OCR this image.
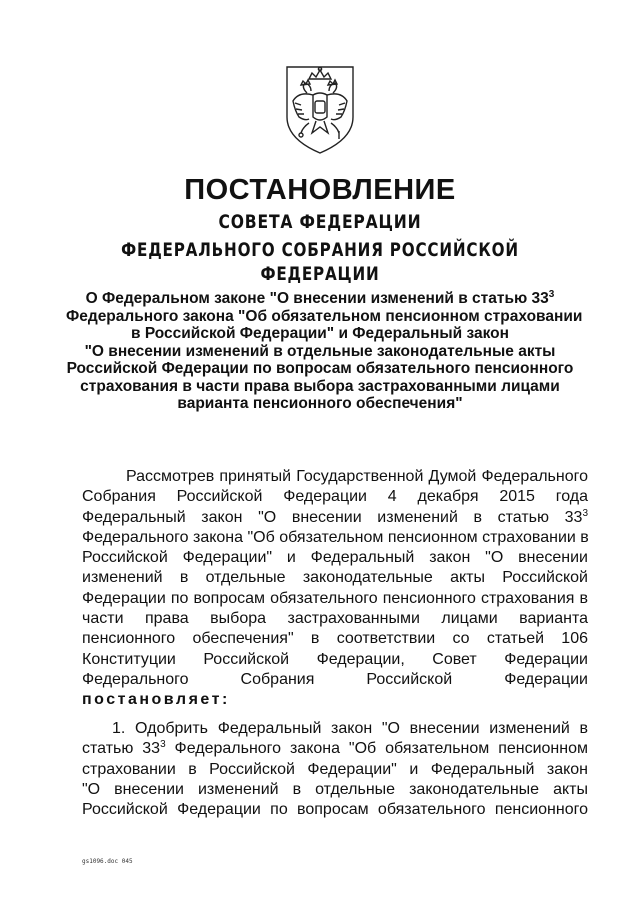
ПОСТАНОВЛЕНИЕ
СОВЕТА ФЕДЕРАЦИИ
ФЕДЕРАЛЬНОГО СОБРАНИЯ РОССИЙСКОЙ ФЕДЕРАЦИИ
О Федеральном законе "О внесении изменений в статью $33^3$
Федерального закона "Об обязательном пенсионном страховании
в Российской Федерации" и Федеральный закон
"О внесении изменений в отдельные законодательные акты
Российской Федерации по вопросам обязательного пенсионного
страхования в части права выбора застрахованными лицами
варианта пенсионного обеспечения"
Рассмотрев принятый Государственной Думой Федерального
Собрания Российской Федерации 4 декабря 2015 года
Федеральный закон "О внесении изменений в статью $33^3$
Федерального закона "Об обязательном пенсионном страховании в
Российской Федерации" и Федеральный закон "О внесении
изменений в отдельные законодательные акты Российской
Федерации по вопросам обязательного пенсионного страхования в
части права выбора застрахованными лицами варианта
пенсионного обеспечения" в соответствии со статьей 106
Конституции Российской Федерации, Совет Федерации
Федерального Собрания Российской Федерации
постановляет:
1. Одобрить Федеральный закон "О внесении изменений в
статью $33^3$ Федерального закона "Об обязательном пенсионном
страховании в Российской Федерации" и Федеральный закон
"О внесении изменений в отдельные законодательные акты
Российской Федерации по вопросам обязательного пенсионного
gs1096.doc 045
